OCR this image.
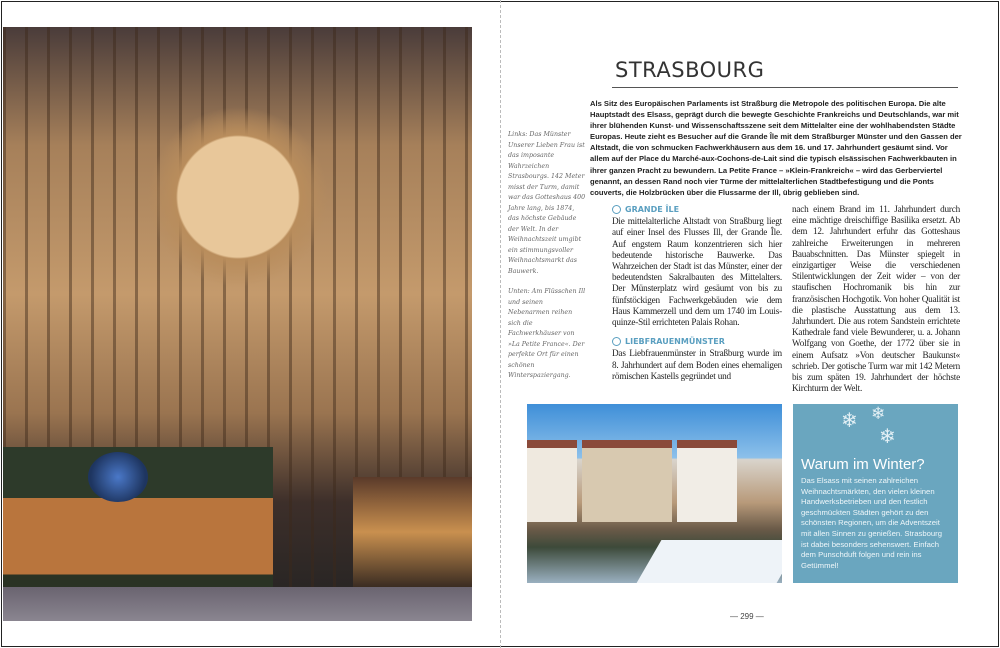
STRASBOURG
Als Sitz des Europäischen Parlaments ist Straßburg die Metropole des politischen Europa. Die alte Hauptstadt des Elsass, geprägt durch die bewegte Geschichte Frankreichs und Deutschlands, war mit ihrer blühenden Kunst- und Wissenschaftsszene seit dem Mittelalter eine der wohlhabendsten Städte Europas. Heute zieht es Besucher auf die Grande Île mit dem Straßburger Münster und den Gassen der Altstadt, die von schmucken Fachwerkhäusern aus dem 16. und 17. Jahrhundert gesäumt sind. Vor allem auf der Place du Marché-aux-Cochons-de-Lait sind die typisch elsässischen Fachwerkbauten in ihrer ganzen Pracht zu bewundern. La Petite France – »Klein-Frankreich« – wird das Gerberviertel genannt, an dessen Rand noch vier Türme der mittelalterlichen Stadtbefestigung und die Ponts couverts, die Holzbrücken über die Flussarme der Ill, übrig geblieben sind.

Links: Das Münster Unserer Lieben Frau ist das imposante Wahrzeichen Strasbourgs. 142 Meter misst der Turm, damit war das Gotteshaus 400 Jahre lang, bis 1874, das höchste Gebäude der Welt. In der Weihnachtszeit umgibt ein stimmungsvoller Weihnachtsmarkt das Bauwerk.

Unten: Am Flüsschen Ill und seinen Nebenarmen reihen sich die Fachwerkhäuser von »La Petite France«. Der perfekte Ort für einen schönen Winterspaziergang.

GRANDE ÎLE

Die mittelalterliche Altstadt von Straßburg liegt auf einer Insel des Flusses Ill, der Grande Île. Auf engstem Raum konzentrieren sich hier bedeutende historische Bauwerke. Das Wahrzeichen der Stadt ist das Münster, einer der bedeutendsten Sakralbauten des Mittelalters. Der Münsterplatz wird gesäumt von bis zu fünfstöckigen Fachwerkgebäuden wie dem Haus Kammerzell und dem um 1740 im Louis-quinze-Stil errichteten Palais Rohan.

LIEBFRAUENMÜNSTER

Das Liebfrauenmünster in Straßburg wurde im 8. Jahrhundert auf dem Boden eines ehemaligen römischen Kastells gegründet und

nach einem Brand im 11. Jahrhundert durch eine mächtige dreischiffige Basilika ersetzt. Ab dem 12. Jahrhundert erfuhr das Gotteshaus zahlreiche Erweiterungen in mehreren Bauabschnitten. Das Münster spiegelt in einzigartiger Weise die verschiedenen Stilentwicklungen der Zeit wider – von der staufischen Hochromanik bis hin zur französischen Hochgotik. Von hoher Qualität ist die plastische Ausstattung aus dem 13. Jahrhundert. Die aus rotem Sandstein errichtete Kathedrale fand viele Bewunderer, u. a. Johann Wolfgang von Goethe, der 1772 über sie in einem Aufsatz »Von deutscher Baukunst« schrieb. Der gotische Turm war mit 142 Metern bis zum späten 19. Jahrhundert der höchste Kirchturm der Welt.

❄ ❄
❄
Warum im Winter?

Das Elsass mit seinen zahlreichen Weihnachtsmärkten, den vielen kleinen Handwerksbetrieben und den festlich geschmückten Städten gehört zu den schönsten Regionen, um die Adventszeit mit allen Sinnen zu genießen. Strasbourg ist dabei besonders sehenswert. Einfach dem Punschduft folgen und rein ins Getümmel!

— 299 —
